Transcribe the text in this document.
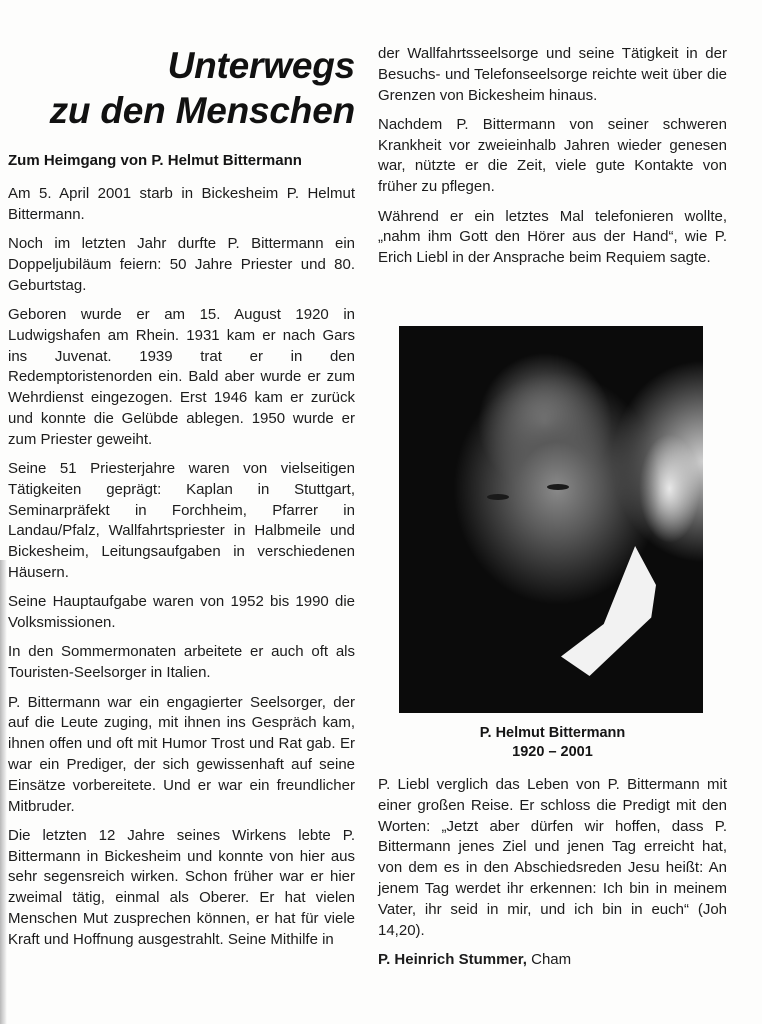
Unterwegs
zu den Menschen
Zum Heimgang von P. Helmut Bittermann

Am 5. April 2001 starb in Bickesheim P. Helmut Bittermann.

Noch im letzten Jahr durfte P. Bittermann ein Doppeljubiläum feiern: 50 Jahre Priester und 80. Geburtstag.

Geboren wurde er am 15. August 1920 in Ludwigshafen am Rhein. 1931 kam er nach Gars ins Juvenat. 1939 trat er in den Redemptoristenorden ein. Bald aber wurde er zum Wehrdienst eingezogen. Erst 1946 kam er zurück und konnte die Gelübde ablegen. 1950 wurde er zum Priester geweiht.

Seine 51 Priesterjahre waren von vielseitigen Tätigkeiten geprägt: Kaplan in Stuttgart, Seminarpräfekt in Forchheim, Pfarrer in Landau/Pfalz, Wallfahrtspriester in Halbmeile und Bickesheim, Leitungsaufgaben in verschiedenen Häusern.

Seine Hauptaufgabe waren von 1952 bis 1990 die Volksmissionen.

In den Sommermonaten arbeitete er auch oft als Touristen-Seelsorger in Italien.

P. Bittermann war ein engagierter Seelsorger, der auf die Leute zuging, mit ihnen ins Gespräch kam, ihnen offen und oft mit Humor Trost und Rat gab. Er war ein Prediger, der sich gewissenhaft auf seine Einsätze vorbereitete. Und er war ein freundlicher Mitbruder.

Die letzten 12 Jahre seines Wirkens lebte P. Bittermann in Bickesheim und konnte von hier aus sehr segensreich wirken. Schon früher war er hier zweimal tätig, einmal als Oberer. Er hat vielen Menschen Mut zusprechen können, er hat für viele Kraft und Hoffnung ausgestrahlt. Seine Mithilfe in

der Wallfahrtsseelsorge und seine Tätigkeit in der Besuchs- und Telefonseelsorge reichte weit über die Grenzen von Bickesheim hinaus.

Nachdem P. Bittermann von seiner schweren Krankheit vor zweieinhalb Jahren wieder genesen war, nützte er die Zeit, viele gute Kontakte von früher zu pflegen.

Während er ein letztes Mal telefonieren wollte, „nahm ihm Gott den Hörer aus der Hand“, wie P. Erich Liebl in der Ansprache beim Requiem sagte.

P. Helmut Bittermann
1920 – 2001

P. Liebl verglich das Leben von P. Bittermann mit einer großen Reise. Er schloss die Predigt mit den Worten: „Jetzt aber dürfen wir hoffen, dass P. Bittermann jenes Ziel und jenen Tag erreicht hat, von dem es in den Abschiedsreden Jesu heißt: An jenem Tag werdet ihr erkennen: Ich bin in meinem Vater, ihr seid in mir, und ich bin in euch“ (Joh 14,20).

P. Heinrich Stummer, Cham
